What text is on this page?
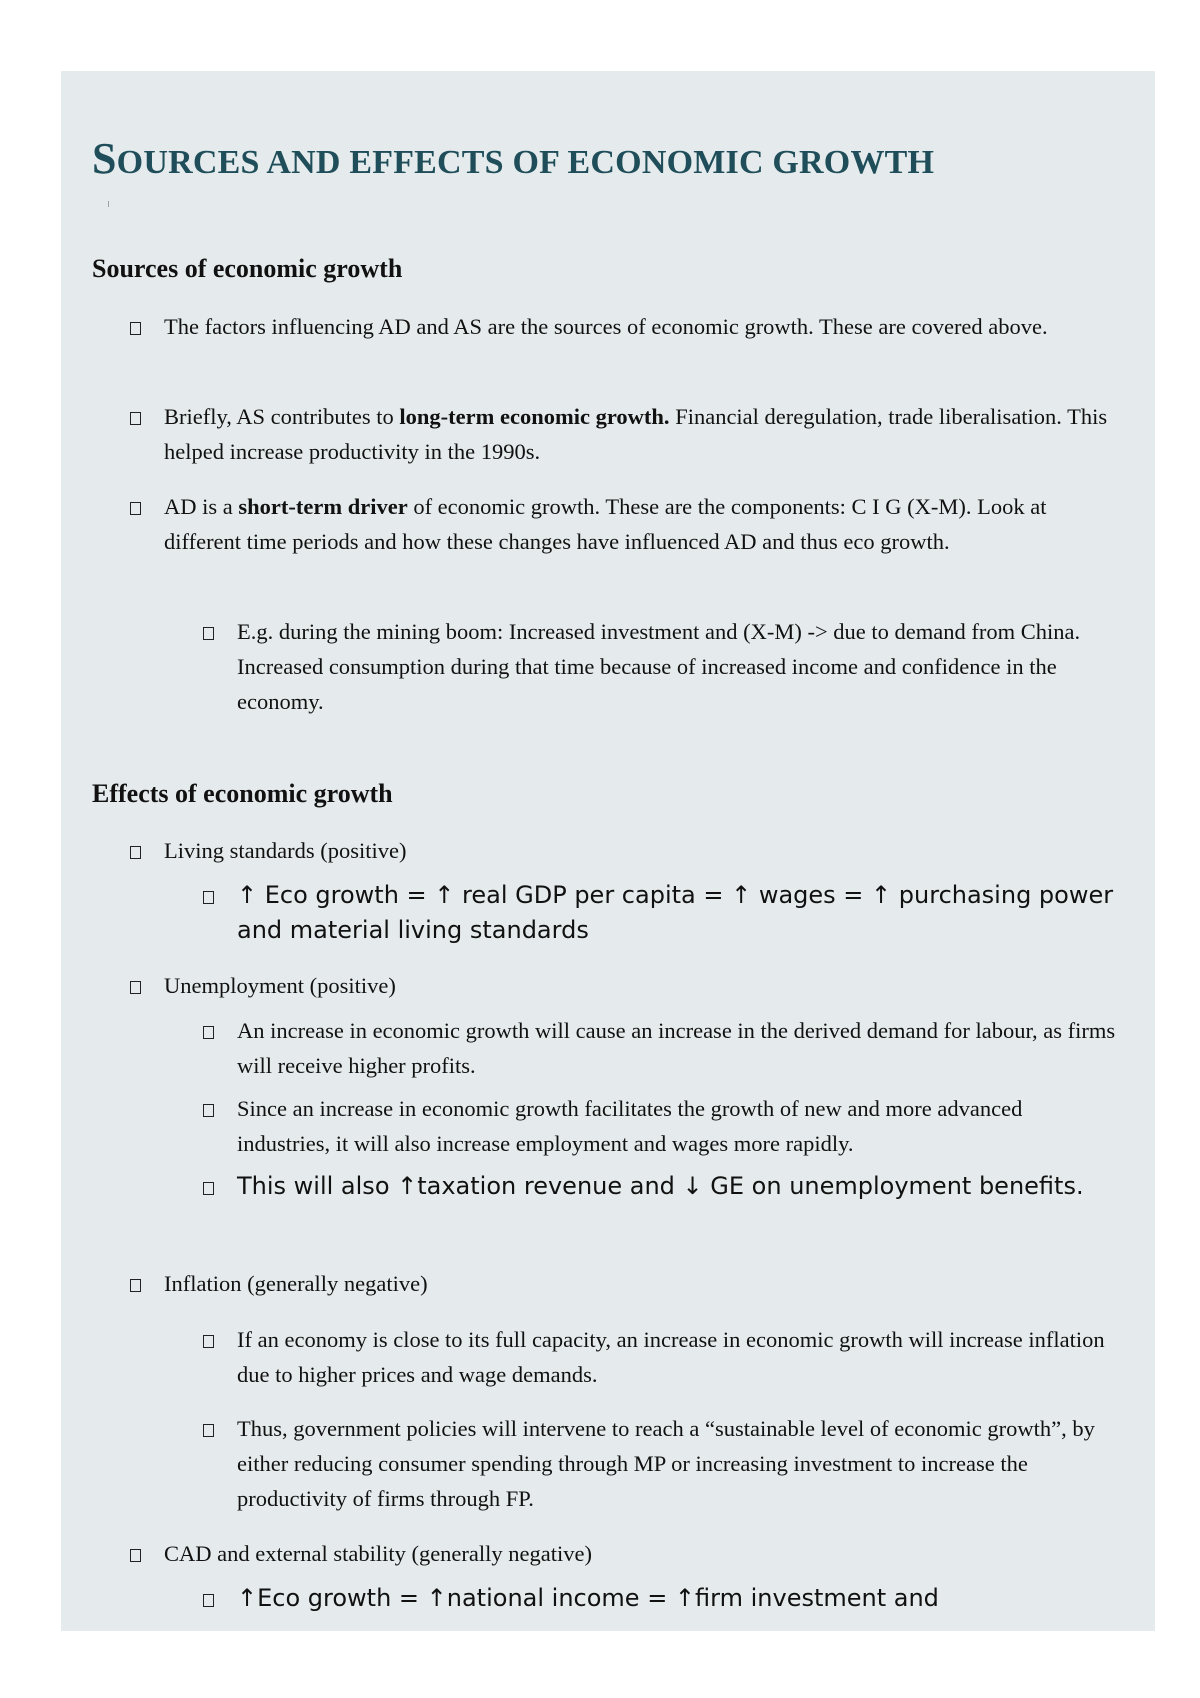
SOURCES AND EFFECTS OF ECONOMIC GROWTH
Sources of economic growth
The factors influencing AD and AS are the sources of economic growth. These are covered above.
Briefly, AS contributes to long-term economic growth. Financial deregulation, trade liberalisation. This helped increase productivity in the 1990s.
AD is a short-term driver of economic growth. These are the components: C I G (X-M). Look at different time periods and how these changes have influenced AD and thus eco growth.
E.g. during the mining boom: Increased investment and (X-M) -> due to demand from China. Increased consumption during that time because of increased income and confidence in the economy.
Effects of economic growth
Living standards (positive)
↑ Eco growth = ↑ real GDP per capita = ↑ wages = ↑ purchasing power and material living standards
Unemployment (positive)
An increase in economic growth will cause an increase in the derived demand for labour, as firms will receive higher profits.
Since an increase in economic growth facilitates the growth of new and more advanced industries, it will also increase employment and wages more rapidly.
This will also ↑taxation revenue and ↓ GE on unemployment benefits.
Inflation (generally negative)
If an economy is close to its full capacity, an increase in economic growth will increase inflation due to higher prices and wage demands.
Thus, government policies will intervene to reach a “sustainable level of economic growth”, by either reducing consumer spending through MP or increasing investment to increase the productivity of firms through FP.
CAD and external stability (generally negative)
↑Eco growth = ↑national income = ↑firm investment and
